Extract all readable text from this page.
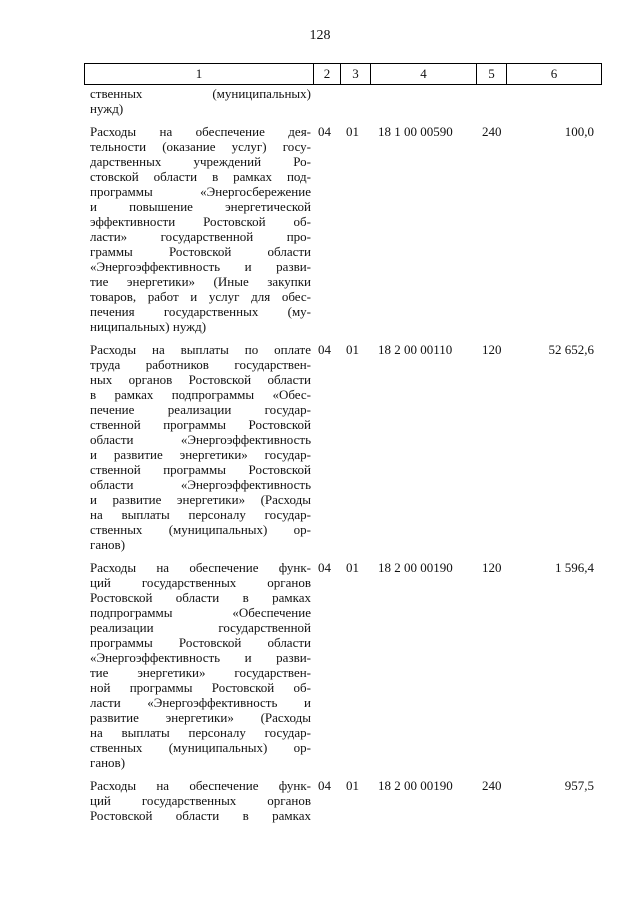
128
1	2	3	4	5	6
ственных (муниципальных)
нужд)
Расходы на обеспечение дея-
тельности (оказание услуг) госу-
дарственных учреждений Ро-
стовской области в рамках под-
программы «Энергосбережение
и повышение энергетической
эффективности Ростовской об-
ласти» государственной про-
граммы Ростовской области
«Энергоэффективность и разви-
тие энергетики» (Иные закупки
товаров, работ и услуг для обес-
печения государственных (му-
ниципальных) нужд)
04	01	18 1 00 00590	240	100,0
Расходы на выплаты по оплате
труда работников государствен-
ных органов Ростовской области
в рамках подпрограммы «Обес-
печение реализации государ-
ственной программы Ростовской
области «Энергоэффективность
и развитие энергетики» государ-
ственной программы Ростовской
области «Энергоэффективность
и развитие энергетики» (Расходы
на выплаты персоналу государ-
ственных (муниципальных) ор-
ганов)
04	01	18 2 00 00110	120	52 652,6
Расходы на обеспечение функ-
ций государственных органов
Ростовской области в рамках
подпрограммы «Обеспечение
реализации государственной
программы Ростовской области
«Энергоэффективность и разви-
тие энергетики» государствен-
ной программы Ростовской об-
ласти «Энергоэффективность и
развитие энергетики» (Расходы
на выплаты персоналу государ-
ственных (муниципальных) ор-
ганов)
04	01	18 2 00 00190	120	1 596,4
Расходы на обеспечение функ-
ций государственных органов
Ростовской области в рамках
04	01	18 2 00 00190	240	957,5
